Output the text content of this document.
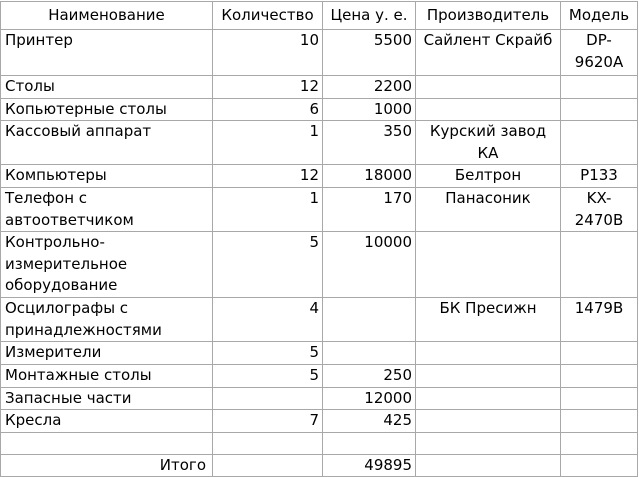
Наименование	Количество	Цена у. е.	Производитель	Модель
Принтер	10	5500	Сайлент Скрайб	DP-9620A
Столы	12	2200		
Копьютерные столы	6	1000		
Кассовый аппарат	1	350	Курский завод КА	
Компьютеры	12	18000	Белтрон	P133
Телефон с автоответчиком	1	170	Панасоник	KX-2470B
Контрольно-измерительное оборудование	5	10000		
Осцилографы с принадлежностями	4		БК Пресижн	1479B
Измерители	5			
Монтажные столы	5	250		
Запасные части		12000		
Кресла	7	425		

Итого		49895		
